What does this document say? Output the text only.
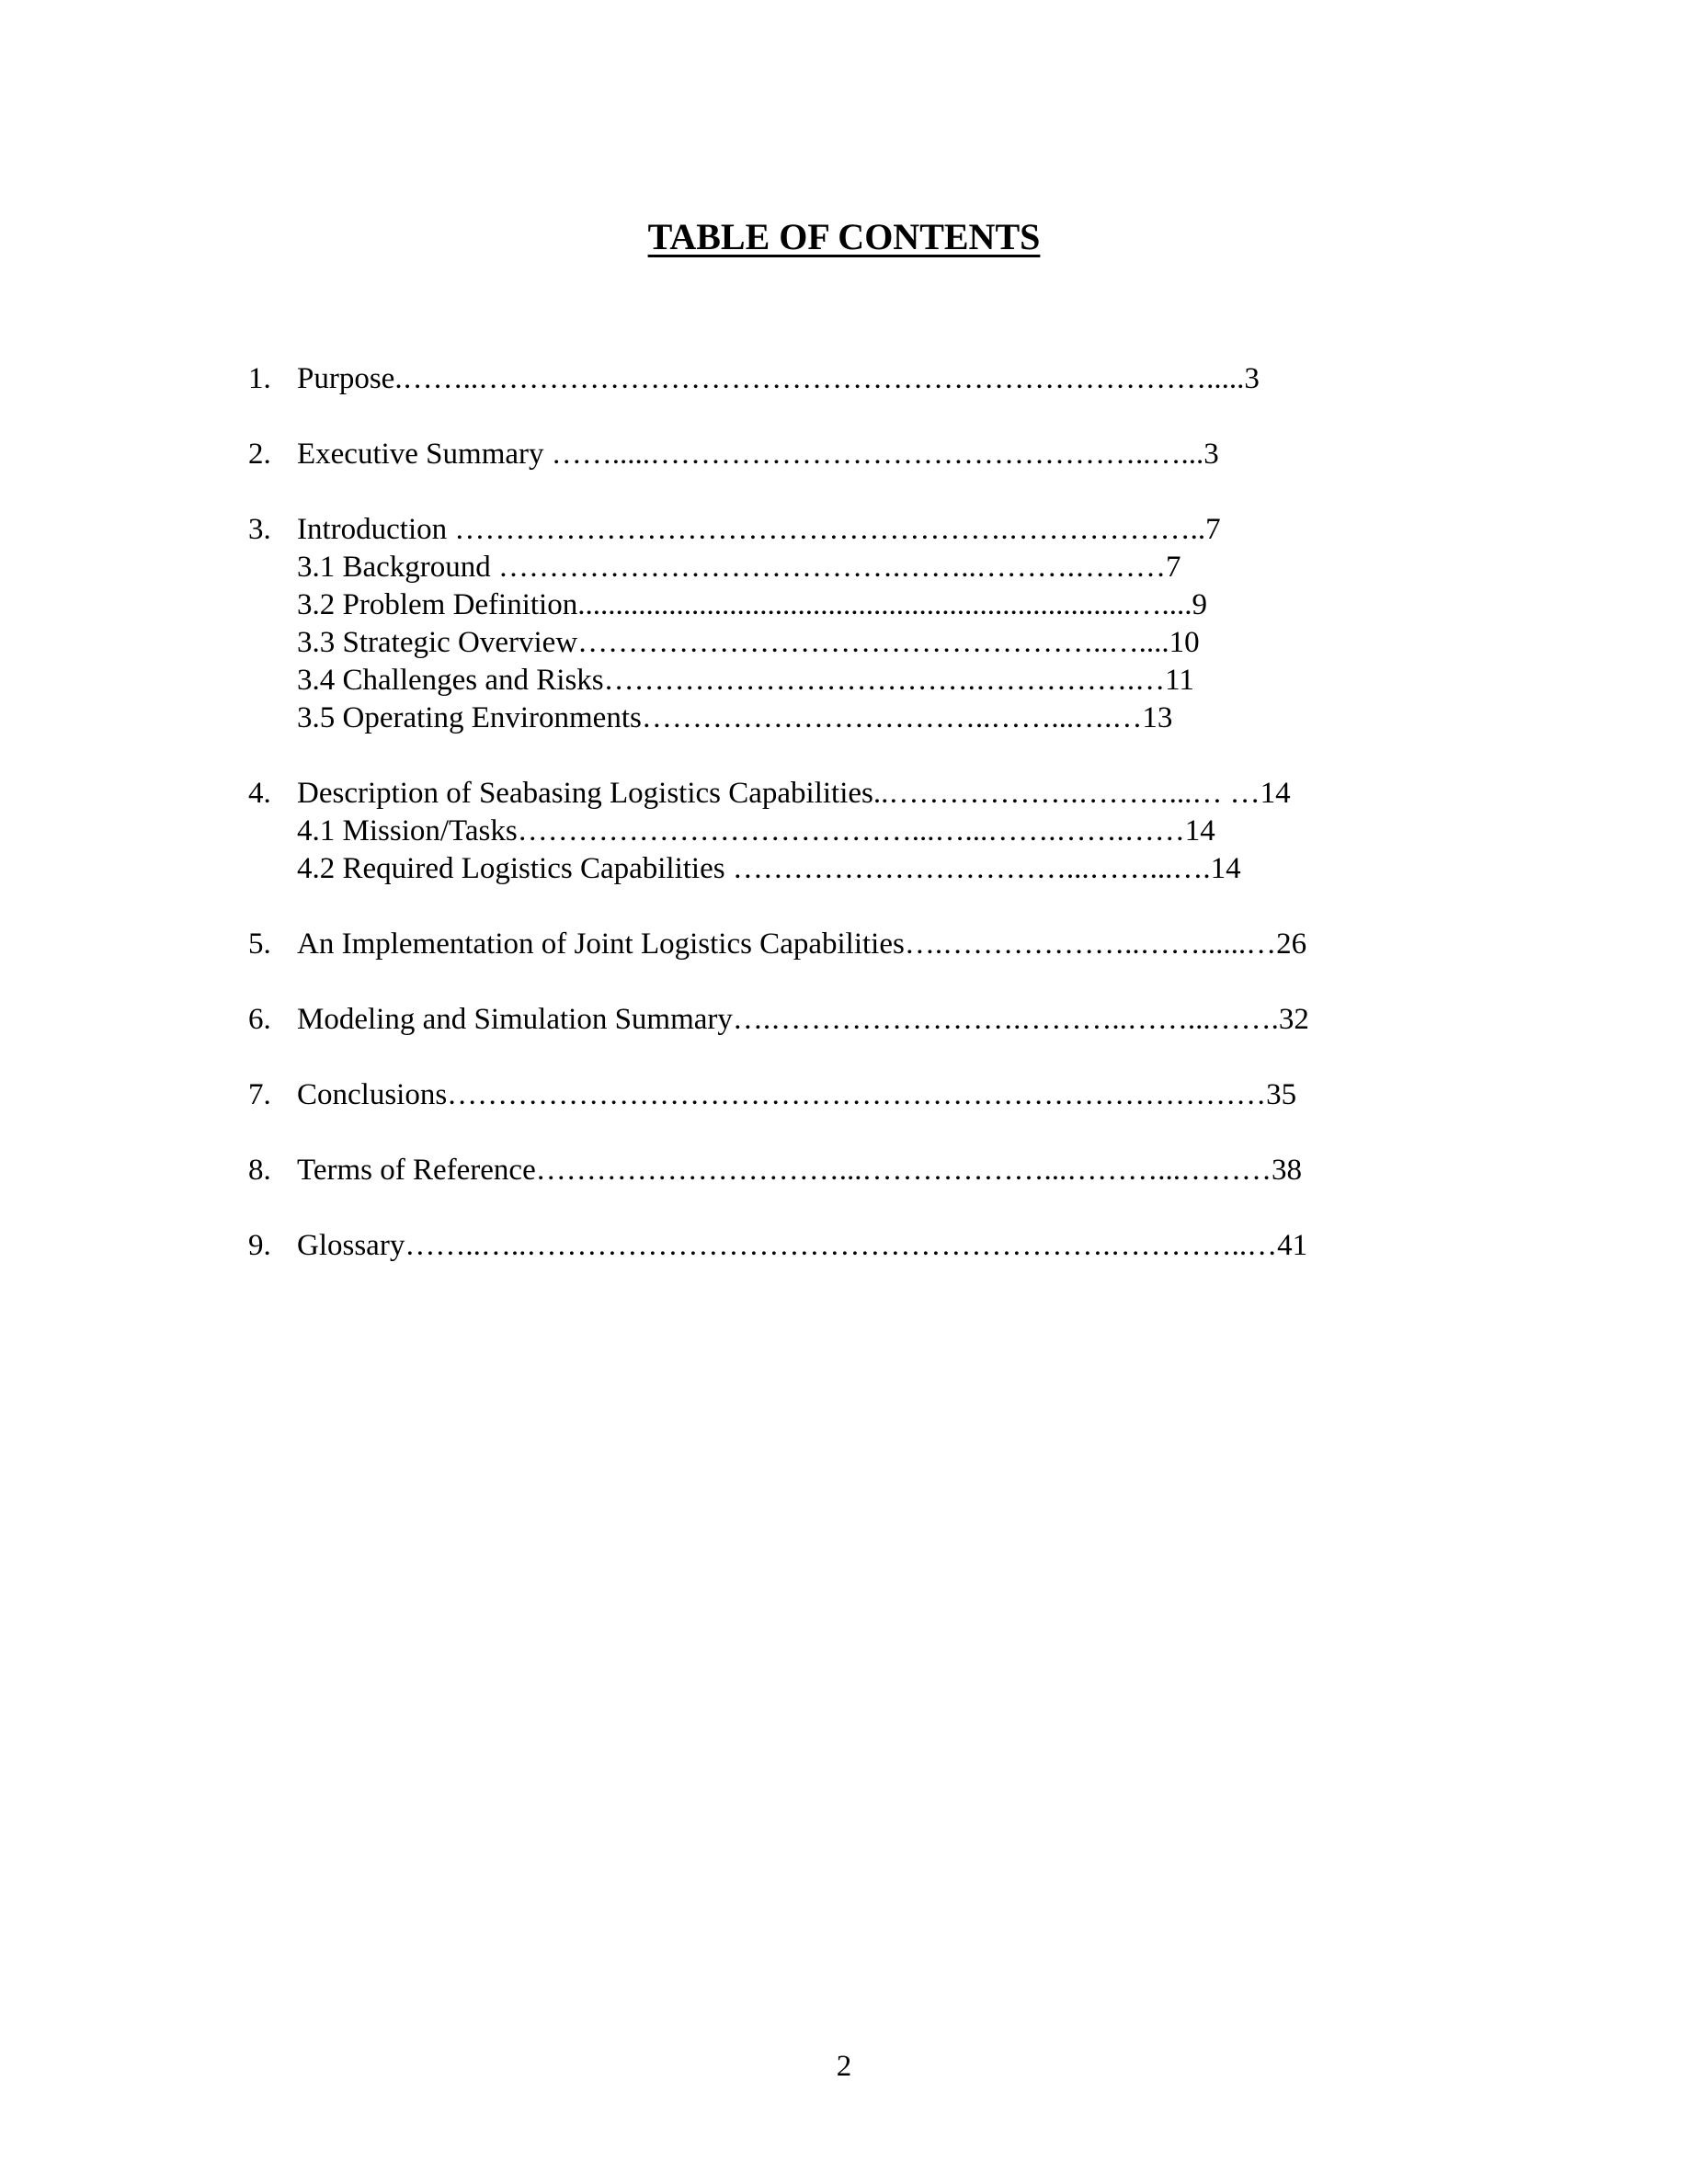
TABLE OF CONTENTS
1. Purpose.……..……………………………………………………………….....3
2. Executive Summary …….....…………………………………………..…...3
3. Introduction ……………………………………………….………………..7
3.1 Background ………………………………….……..……….………7
3.2 Problem Definition.........................................................................…....9
3.3 Strategic Overview……………………………………………..…....10
3.4 Challenges and Risks……………………………….…………….…11
3.5 Operating Environments……………………………..……...….…13
4. Description of Seabasing Logistics Capabilities..……………….………...… …14
4.1 Mission/Tasks…………………………………...…...…….…….……14
4.2 Required Logistics Capabilities ……………………………...……...….14
5. An Implementation of Joint Logistics Capabilities….………………..……......…26
6. Modeling and Simulation Summary….…………………….………..……...…….32
7. Conclusions………………………………………………………………………35
8. Terms of Reference…………………………...………………...………...………38
9. Glossary……..…..………………………………………………….…………..…41
2
